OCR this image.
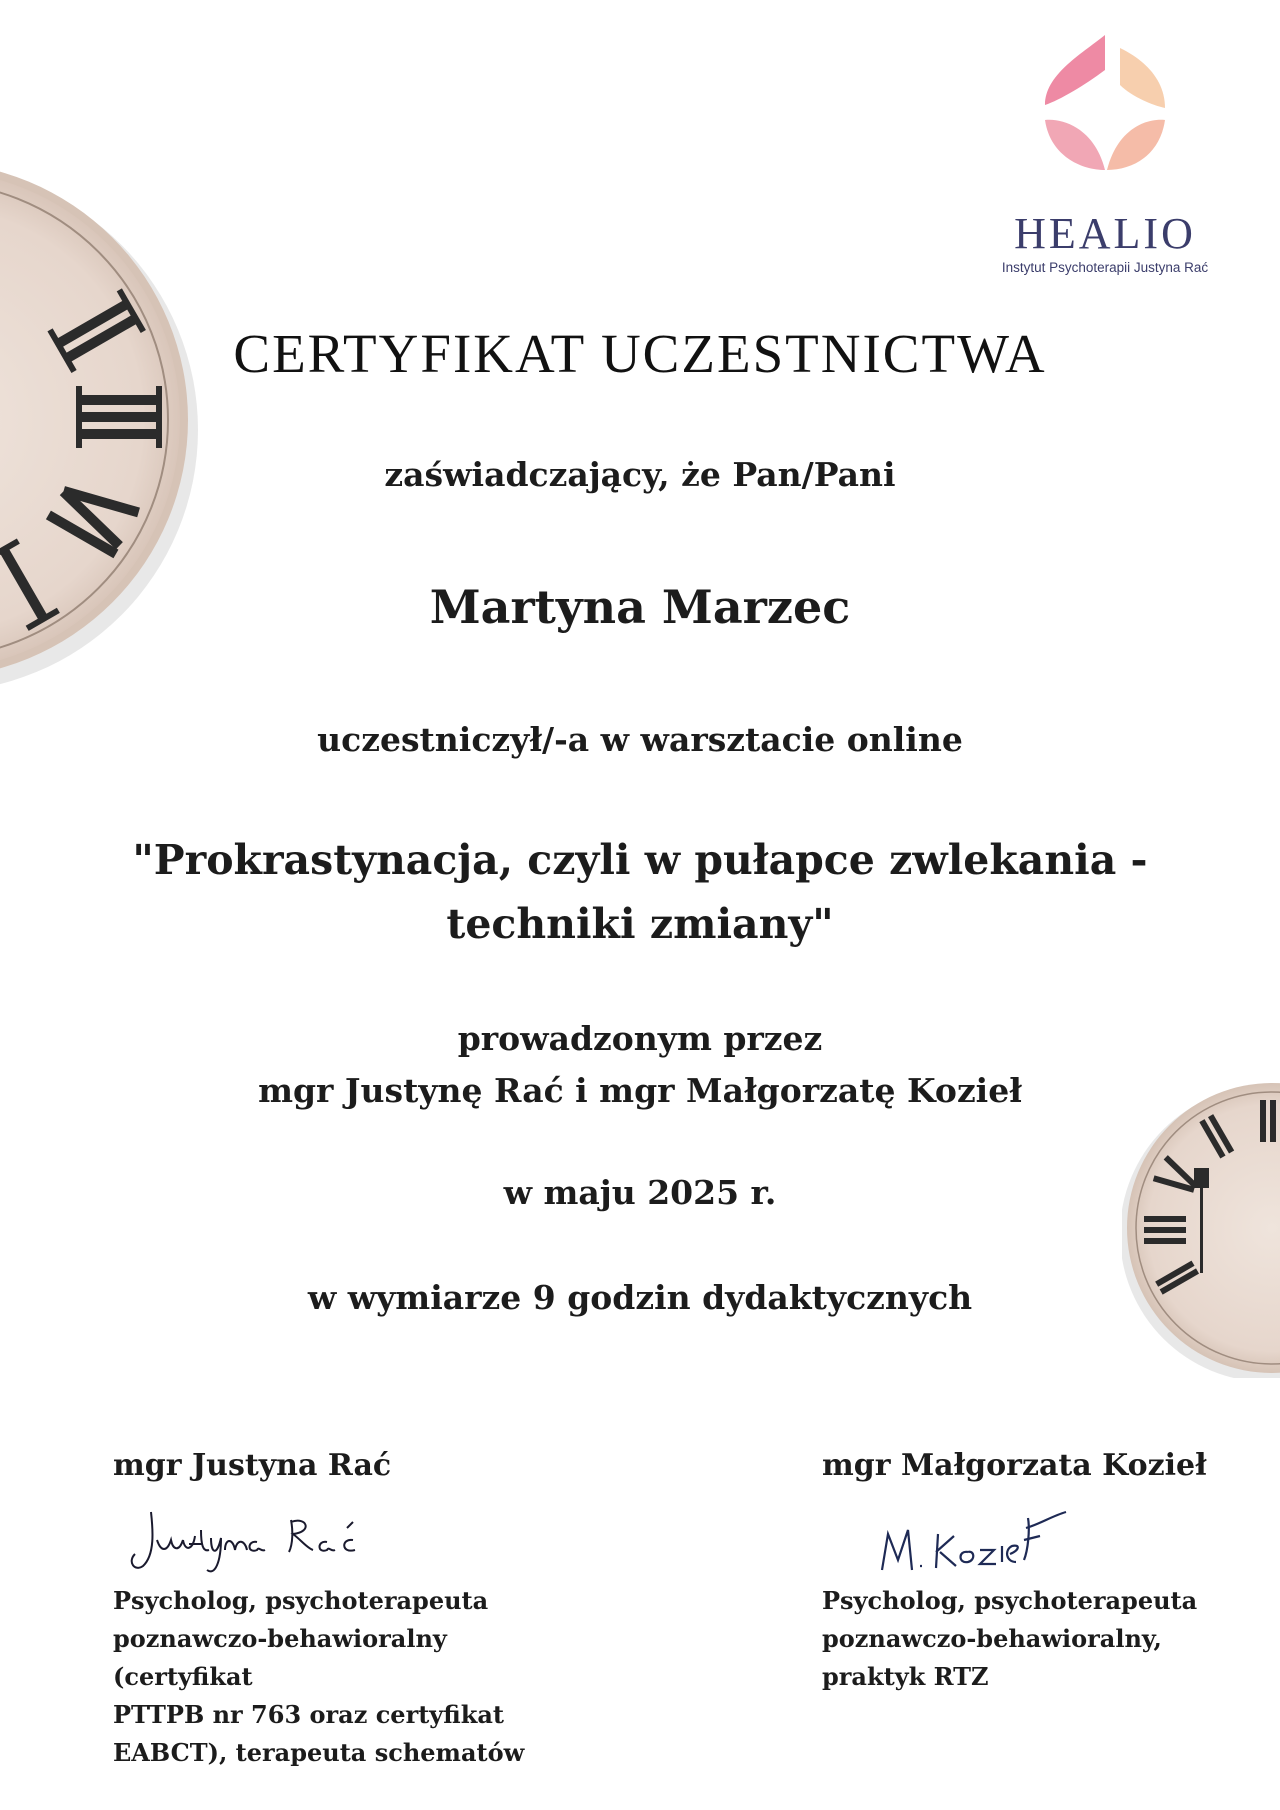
HEALIO
Instytut Psychoterapii Justyna Rać
CERTYFIKAT UCZESTNICTWA
zaświadczający, że Pan/Pani
Martyna Marzec
uczestniczył/-a w warsztacie online
"Prokrastynacja, czyli w pułapce zwlekania -
techniki zmiany"
prowadzonym przez
mgr Justynę Rać i mgr Małgorzatę Kozieł
w maju 2025 r.
w wymiarze 9 godzin dydaktycznych
mgr Justyna Rać
Psycholog, psychoterapeuta
poznawczo-behawioralny (certyfikat
PTTPB nr 763 oraz certyfikat
EABCT), terapeuta schematów
mgr Małgorzata Kozieł
Psycholog, psychoterapeuta
poznawczo-behawioralny,
praktyk RTZ
